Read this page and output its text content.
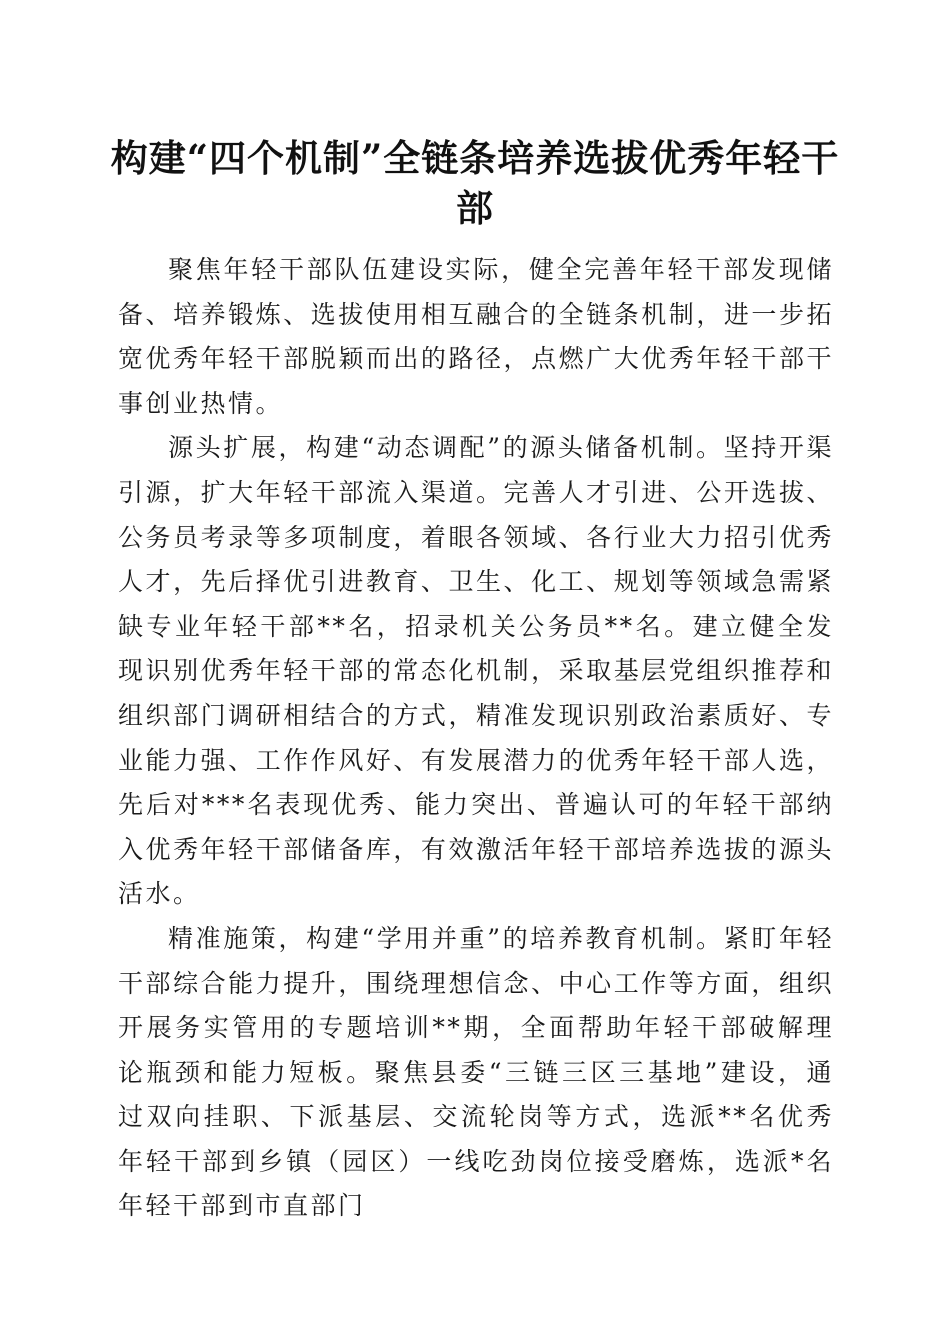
构建“四个机制”全链条培养选拔优秀年轻干部

聚焦年轻干部队伍建设实际，健全完善年轻干部发现储备、培养锻炼、选拔使用相互融合的全链条机制，进一步拓宽优秀年轻干部脱颖而出的路径，点燃广大优秀年轻干部干事创业热情。

源头扩展，构建“动态调配”的源头储备机制。坚持开渠引源，扩大年轻干部流入渠道。完善人才引进、公开选拔、公务员考录等多项制度，着眼各领域、各行业大力招引优秀人才，先后择优引进教育、卫生、化工、规划等领域急需紧缺专业年轻干部**名，招录机关公务员**名。建立健全发现识别优秀年轻干部的常态化机制，采取基层党组织推荐和组织部门调研相结合的方式，精准发现识别政治素质好、专业能力强、工作作风好、有发展潜力的优秀年轻干部人选，先后对***名表现优秀、能力突出、普遍认可的年轻干部纳入优秀年轻干部储备库，有效激活年轻干部培养选拔的源头活水。

精准施策，构建“学用并重”的培养教育机制。紧盯年轻干部综合能力提升，围绕理想信念、中心工作等方面，组织开展务实管用的专题培训**期，全面帮助年轻干部破解理论瓶颈和能力短板。聚焦县委“三链三区三基地”建设，通过双向挂职、下派基层、交流轮岗等方式，选派**名优秀年轻干部到乡镇（园区）一线吃劲岗位接受磨炼，选派*名年轻干部到市直部门
